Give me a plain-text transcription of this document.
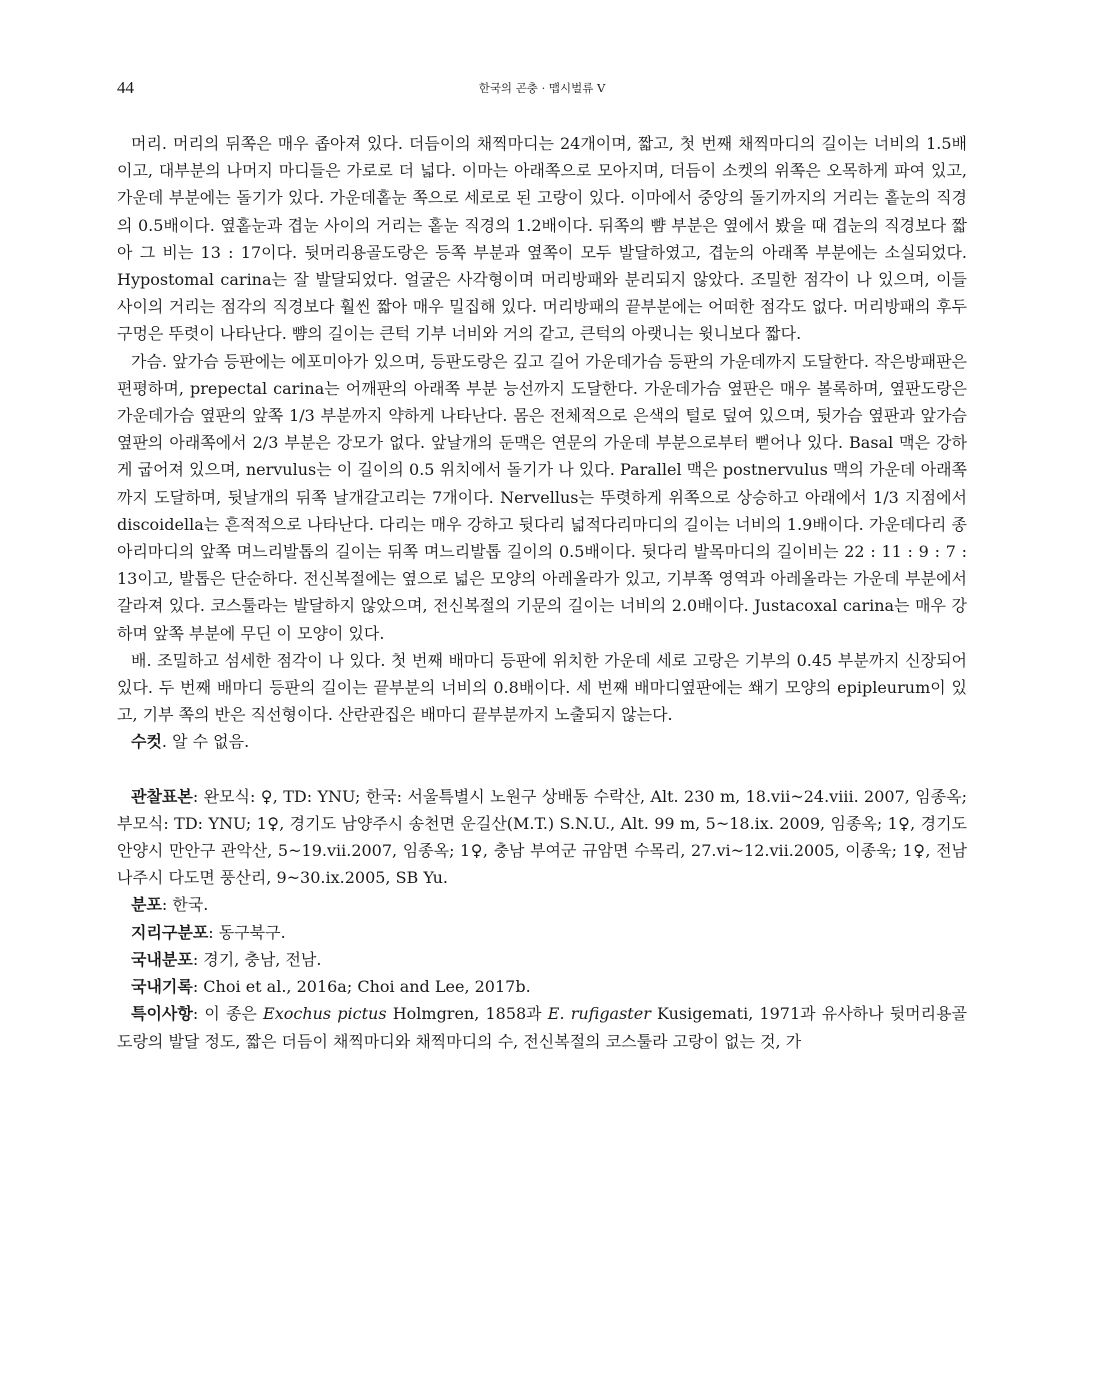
44	한국의 곤충 · 맵시벌류 V

머리. 머리의 뒤쪽은 매우 좁아져 있다. 더듬이의 채찍마디는 24개이며, 짧고, 첫 번째 채찍마디의 길이는 너비의 1.5배이고, 대부분의 나머지 마디들은 가로로 더 넓다. 이마는 아래쪽으로 모아지며, 더듬이 소켓의 위쪽은 오목하게 파여 있고, 가운데 부분에는 돌기가 있다. 가운데홑눈 쪽으로 세로로 된 고랑이 있다. 이마에서 중앙의 돌기까지의 거리는 홑눈의 직경의 0.5배이다. 옆홑눈과 겹눈 사이의 거리는 홑눈 직경의 1.2배이다. 뒤쪽의 뺨 부분은 옆에서 봤을 때 겹눈의 직경보다 짧아 그 비는 13 : 17이다. 뒷머리용골도랑은 등쪽 부분과 옆쪽이 모두 발달하였고, 겹눈의 아래쪽 부분에는 소실되었다. Hypostomal carina는 잘 발달되었다. 얼굴은 사각형이며 머리방패와 분리되지 않았다. 조밀한 점각이 나 있으며, 이들 사이의 거리는 점각의 직경보다 훨씬 짧아 매우 밀집해 있다. 머리방패의 끝부분에는 어떠한 점각도 없다. 머리방패의 후두구멍은 뚜렷이 나타난다. 뺨의 길이는 큰턱 기부 너비와 거의 같고, 큰턱의 아랫니는 윗니보다 짧다.

가슴. 앞가슴 등판에는 에포미아가 있으며, 등판도랑은 깊고 길어 가운데가슴 등판의 가운데까지 도달한다. 작은방패판은 편평하며, prepectal carina는 어깨판의 아래쪽 부분 능선까지 도달한다. 가운데가슴 옆판은 매우 볼록하며, 옆판도랑은 가운데가슴 옆판의 앞쪽 1/3 부분까지 약하게 나타난다. 몸은 전체적으로 은색의 털로 덮여 있으며, 뒷가슴 옆판과 앞가슴 옆판의 아래쪽에서 2/3 부분은 강모가 없다. 앞날개의 둔맥은 연문의 가운데 부분으로부터 뻗어나 있다. Basal 맥은 강하게 굽어져 있으며, nervulus는 이 길이의 0.5 위치에서 돌기가 나 있다. Parallel 맥은 postnervulus 맥의 가운데 아래쪽까지 도달하며, 뒷날개의 뒤쪽 날개갈고리는 7개이다. Nervellus는 뚜렷하게 위쪽으로 상승하고 아래에서 1/3 지점에서 discoidella는 흔적적으로 나타난다. 다리는 매우 강하고 뒷다리 넓적다리마디의 길이는 너비의 1.9배이다. 가운데다리 종아리마디의 앞쪽 며느리발톱의 길이는 뒤쪽 며느리발톱 길이의 0.5배이다. 뒷다리 발목마디의 길이비는 22 : 11 : 9 : 7 : 13이고, 발톱은 단순하다. 전신복절에는 옆으로 넓은 모양의 아레올라가 있고, 기부쪽 영역과 아레올라는 가운데 부분에서 갈라져 있다. 코스툴라는 발달하지 않았으며, 전신복절의 기문의 길이는 너비의 2.0배이다. Justacoxal carina는 매우 강하며 앞쪽 부분에 무딘 이 모양이 있다.

배. 조밀하고 섬세한 점각이 나 있다. 첫 번째 배마디 등판에 위치한 가운데 세로 고랑은 기부의 0.45 부분까지 신장되어 있다. 두 번째 배마디 등판의 길이는 끝부분의 너비의 0.8배이다. 세 번째 배마디옆판에는 쐐기 모양의 epipleurum이 있고, 기부 쪽의 반은 직선형이다. 산란관집은 배마디 끝부분까지 노출되지 않는다.

수컷. 알 수 없음.

관찰표본: 완모식: ♀, TD: YNU; 한국: 서울특별시 노원구 상배동 수락산, Alt. 230 m, 18.vii~24.viii. 2007, 임종옥; 부모식: TD: YNU; 1♀, 경기도 남양주시 송천면 운길산(M.T.) S.N.U., Alt. 99 m, 5~18.ix. 2009, 임종옥; 1♀, 경기도 안양시 만안구 관악산, 5~19.vii.2007, 임종옥; 1♀, 충남 부여군 규암면 수목리, 27.vi~12.vii.2005, 이종욱; 1♀, 전남 나주시 다도면 풍산리, 9~30.ix.2005, SB Yu.

분포: 한국.

지리구분포: 동구북구.

국내분포: 경기, 충남, 전남.

국내기록: Choi et al., 2016a; Choi and Lee, 2017b.

특이사항: 이 종은 Exochus pictus Holmgren, 1858과 E. rufigaster Kusigemati, 1971과 유사하나 뒷머리용골도랑의 발달 정도, 짧은 더듬이 채찍마디와 채찍마디의 수, 전신복절의 코스툴라 고랑이 없는 것, 가
